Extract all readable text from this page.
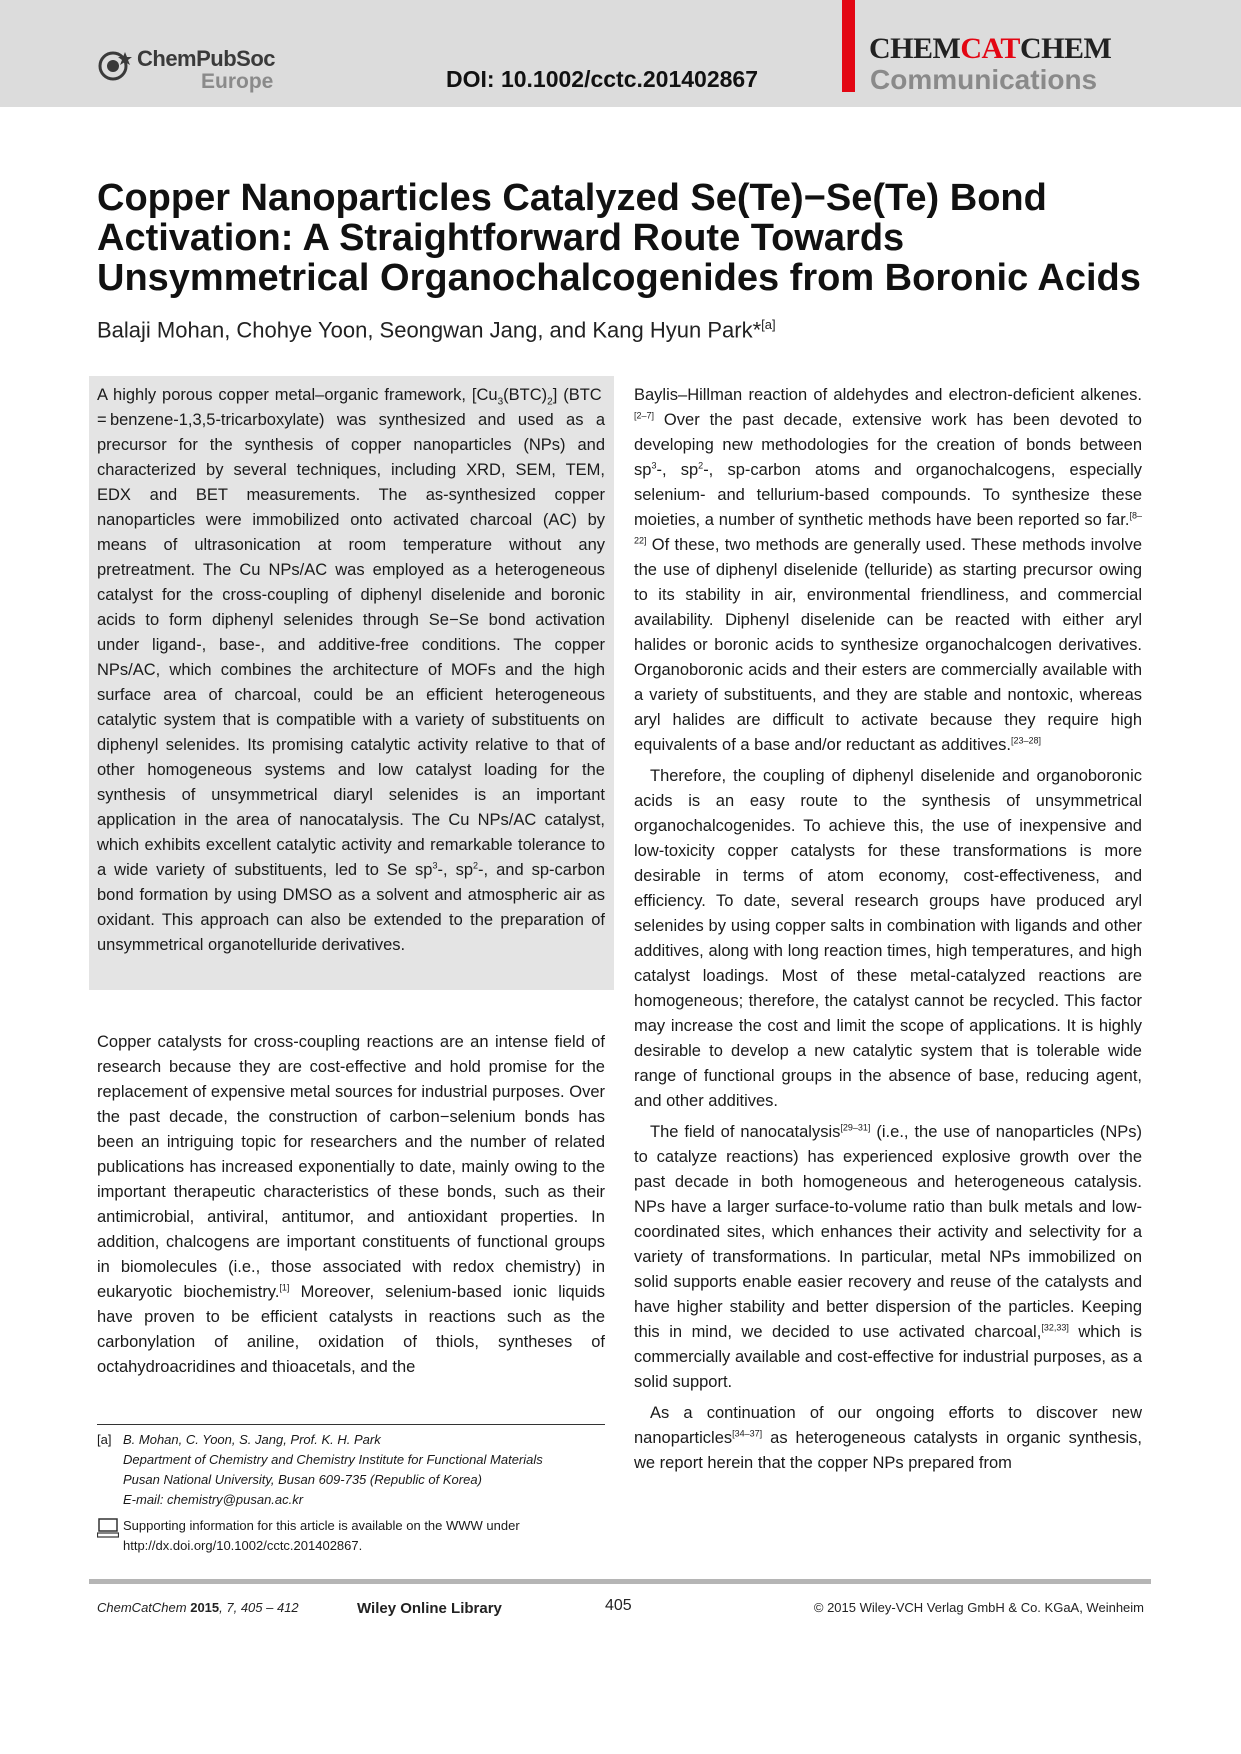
ChemPubSoc
Europe	DOI: 10.1002/cctc.201402867
CHEMCATCHEM
Communications
Copper Nanoparticles Catalyzed Se(Te)−Se(Te) Bond Activation: A Straightforward Route Towards Unsymmetrical Organochalcogenides from Boronic Acids
Balaji Mohan, Chohye Yoon, Seongwan Jang, and Kang Hyun Park*[a]

A highly porous copper metal–organic framework, $[Cu_3(BTC)_2] (BTC$ = benzene-1,3,5-tricarboxylate) was synthesized and used as a precursor for the synthesis of copper nanoparticles (NPs) and characterized by several techniques, including XRD, SEM, TEM, EDX and BET measurements. The as-synthesized copper nanoparticles were immobilized onto activated charcoal (AC) by means of ultrasonication at room temperature without any pretreatment. The Cu NPs/AC was employed as a heterogeneous catalyst for the cross-coupling of diphenyl diselenide and boronic acids to form diphenyl selenides through Se−Se bond activation under ligand-, base-, and additive-free conditions. The copper NPs/AC, which combines the architecture of MOFs and the high surface area of charcoal, could be an efficient heterogeneous catalytic system that is compatible with a variety of substituents on diphenyl selenides. Its promising catalytic activity relative to that of other homogeneous systems and low catalyst loading for the synthesis of unsymmetrical diaryl selenides is an important application in the area of nanocatalysis. The Cu NPs/AC catalyst, which exhibits excellent catalytic activity and remarkable tolerance to a wide variety of substituents, led to Se $sp^3-$, $sp^2-$, and sp-carbon bond formation by using DMSO as a solvent and atmospheric air as oxidant. This approach can also be extended to the preparation of unsymmetrical organotelluride derivatives.

Copper catalysts for cross-coupling reactions are an intense field of research because they are cost-effective and hold promise for the replacement of expensive metal sources for industrial purposes. Over the past decade, the construction of carbon−selenium bonds has been an intriguing topic for researchers and the number of related publications has increased exponentially to date, mainly owing to the important therapeutic characteristics of these bonds, such as their antimicrobial, antiviral, antitumor, and antioxidant properties. In addition, chalcogens are important constituents of functional groups in biomolecules (i.e., those associated with redox chemistry) in eukaryotic biochemistry.[1] Moreover, selenium-based ionic liquids have proven to be efficient catalysts in reactions such as the carbonylation of aniline, oxidation of thiols, syntheses of octahydroacridines and thioacetals, and the

Baylis–Hillman reaction of aldehydes and electron-deficient alkenes.[2–7] Over the past decade, extensive work has been devoted to developing new methodologies for the creation of bonds between $sp^3-$, $sp^2-$, sp-carbon atoms and organochalcogens, especially selenium- and tellurium-based compounds. To synthesize these moieties, a number of synthetic methods have been reported so far.[8–22] Of these, two methods are generally used. These methods involve the use of diphenyl diselenide (telluride) as starting precursor owing to its stability in air, environmental friendliness, and commercial availability. Diphenyl diselenide can be reacted with either aryl halides or boronic acids to synthesize organochalcogen derivatives. Organoboronic acids and their esters are commercially available with a variety of substituents, and they are stable and nontoxic, whereas aryl halides are difficult to activate because they require high equivalents of a base and/or reductant as additives.[23–28]

Therefore, the coupling of diphenyl diselenide and organoboronic acids is an easy route to the synthesis of unsymmetrical organochalcogenides. To achieve this, the use of inexpensive and low-toxicity copper catalysts for these transformations is more desirable in terms of atom economy, cost-effectiveness, and efficiency. To date, several research groups have produced aryl selenides by using copper salts in combination with ligands and other additives, along with long reaction times, high temperatures, and high catalyst loadings. Most of these metal-catalyzed reactions are homogeneous; therefore, the catalyst cannot be recycled. This factor may increase the cost and limit the scope of applications. It is highly desirable to develop a new catalytic system that is tolerable wide range of functional groups in the absence of base, reducing agent, and other additives.

The field of nanocatalysis[29–31] (i.e., the use of nanoparticles (NPs) to catalyze reactions) has experienced explosive growth over the past decade in both homogeneous and heterogeneous catalysis. NPs have a larger surface-to-volume ratio than bulk metals and low-coordinated sites, which enhances their activity and selectivity for a variety of transformations. In particular, metal NPs immobilized on solid supports enable easier recovery and reuse of the catalysts and have higher stability and better dispersion of the particles. Keeping this in mind, we decided to use activated charcoal,[32,33] which is commercially available and cost-effective for industrial purposes, as a solid support.

As a continuation of our ongoing efforts to discover new nanoparticles[34–37] as heterogeneous catalysts in organic synthesis, we report herein that the copper NPs prepared from

[a] B. Mohan, C. Yoon, S. Jang, Prof. K. H. Park
Department of Chemistry and Chemistry Institute for Functional Materials
Pusan National University, Busan 609-735 (Republic of Korea)
E-mail: chemistry@pusan.ac.kr
Supporting information for this article is available on the WWW under
http://dx.doi.org/10.1002/cctc.201402867.
ChemCatChem 2015, 7, 405 – 412	Wiley Online Library	405	© 2015 Wiley-VCH Verlag GmbH & Co. KGaA, Weinheim
